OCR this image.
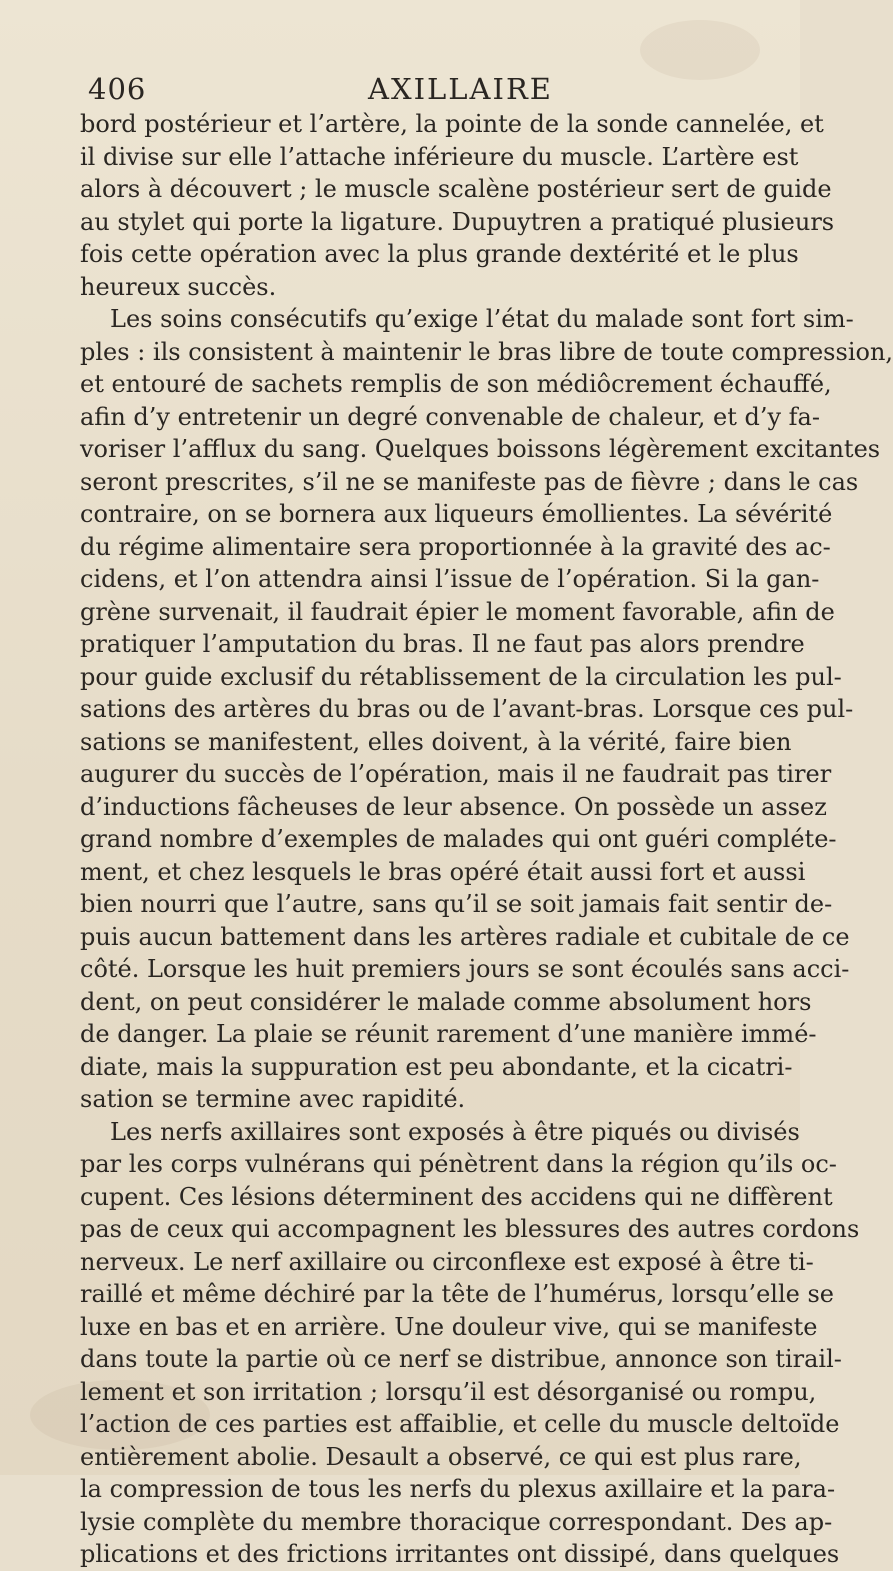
406	AXILLAIRE
bord postérieur et l’artère, la pointe de la sonde cannelée, et
il divise sur elle l’attache inférieure du muscle. L’artère est
alors à découvert ; le muscle scalène postérieur sert de guide
au stylet qui porte la ligature. Dupuytren a pratiqué plusieurs
fois cette opération avec la plus grande dextérité et le plus
heureux succès.
Les soins consécutifs qu’exige l’état du malade sont fort sim-
ples : ils consistent à maintenir le bras libre de toute compression,
et entouré de sachets remplis de son médiôcrement échauffé,
afin d’y entretenir un degré convenable de chaleur, et d’y fa-
voriser l’afflux du sang. Quelques boissons légèrement excitantes
seront prescrites, s’il ne se manifeste pas de fièvre ; dans le cas
contraire, on se bornera aux liqueurs émollientes. La sévérité
du régime alimentaire sera proportionnée à la gravité des ac-
cidens, et l’on attendra ainsi l’issue de l’opération. Si la gan-
grène survenait, il faudrait épier le moment favorable, afin de
pratiquer l’amputation du bras. Il ne faut pas alors prendre
pour guide exclusif du rétablissement de la circulation les pul-
sations des artères du bras ou de l’avant-bras. Lorsque ces pul-
sations se manifestent, elles doivent, à la vérité, faire bien
augurer du succès de l’opération, mais il ne faudrait pas tirer
d’inductions fâcheuses de leur absence. On possède un assez
grand nombre d’exemples de malades qui ont guéri compléte-
ment, et chez lesquels le bras opéré était aussi fort et aussi
bien nourri que l’autre, sans qu’il se soit jamais fait sentir de-
puis aucun battement dans les artères radiale et cubitale de ce
côté. Lorsque les huit premiers jours se sont écoulés sans acci-
dent, on peut considérer le malade comme absolument hors
de danger. La plaie se réunit rarement d’une manière immé-
diate, mais la suppuration est peu abondante, et la cicatri-
sation se termine avec rapidité.
Les nerfs axillaires sont exposés à être piqués ou divisés
par les corps vulnérans qui pénètrent dans la région qu’ils oc-
cupent. Ces lésions déterminent des accidens qui ne diffèrent
pas de ceux qui accompagnent les blessures des autres cordons
nerveux. Le nerf axillaire ou circonflexe est exposé à être ti-
raillé et même déchiré par la tête de l’humérus, lorsqu’elle se
luxe en bas et en arrière. Une douleur vive, qui se manifeste
dans toute la partie où ce nerf se distribue, annonce son tirail-
lement et son irritation ; lorsqu’il est désorganisé ou rompu,
l’action de ces parties est affaiblie, et celle du muscle deltoïde
entièrement abolie. Desault a observé, ce qui est plus rare,
la compression de tous les nerfs du plexus axillaire et la para-
lysie complète du membre thoracique correspondant. Des ap-
plications et des frictions irritantes ont dissipé, dans quelques
